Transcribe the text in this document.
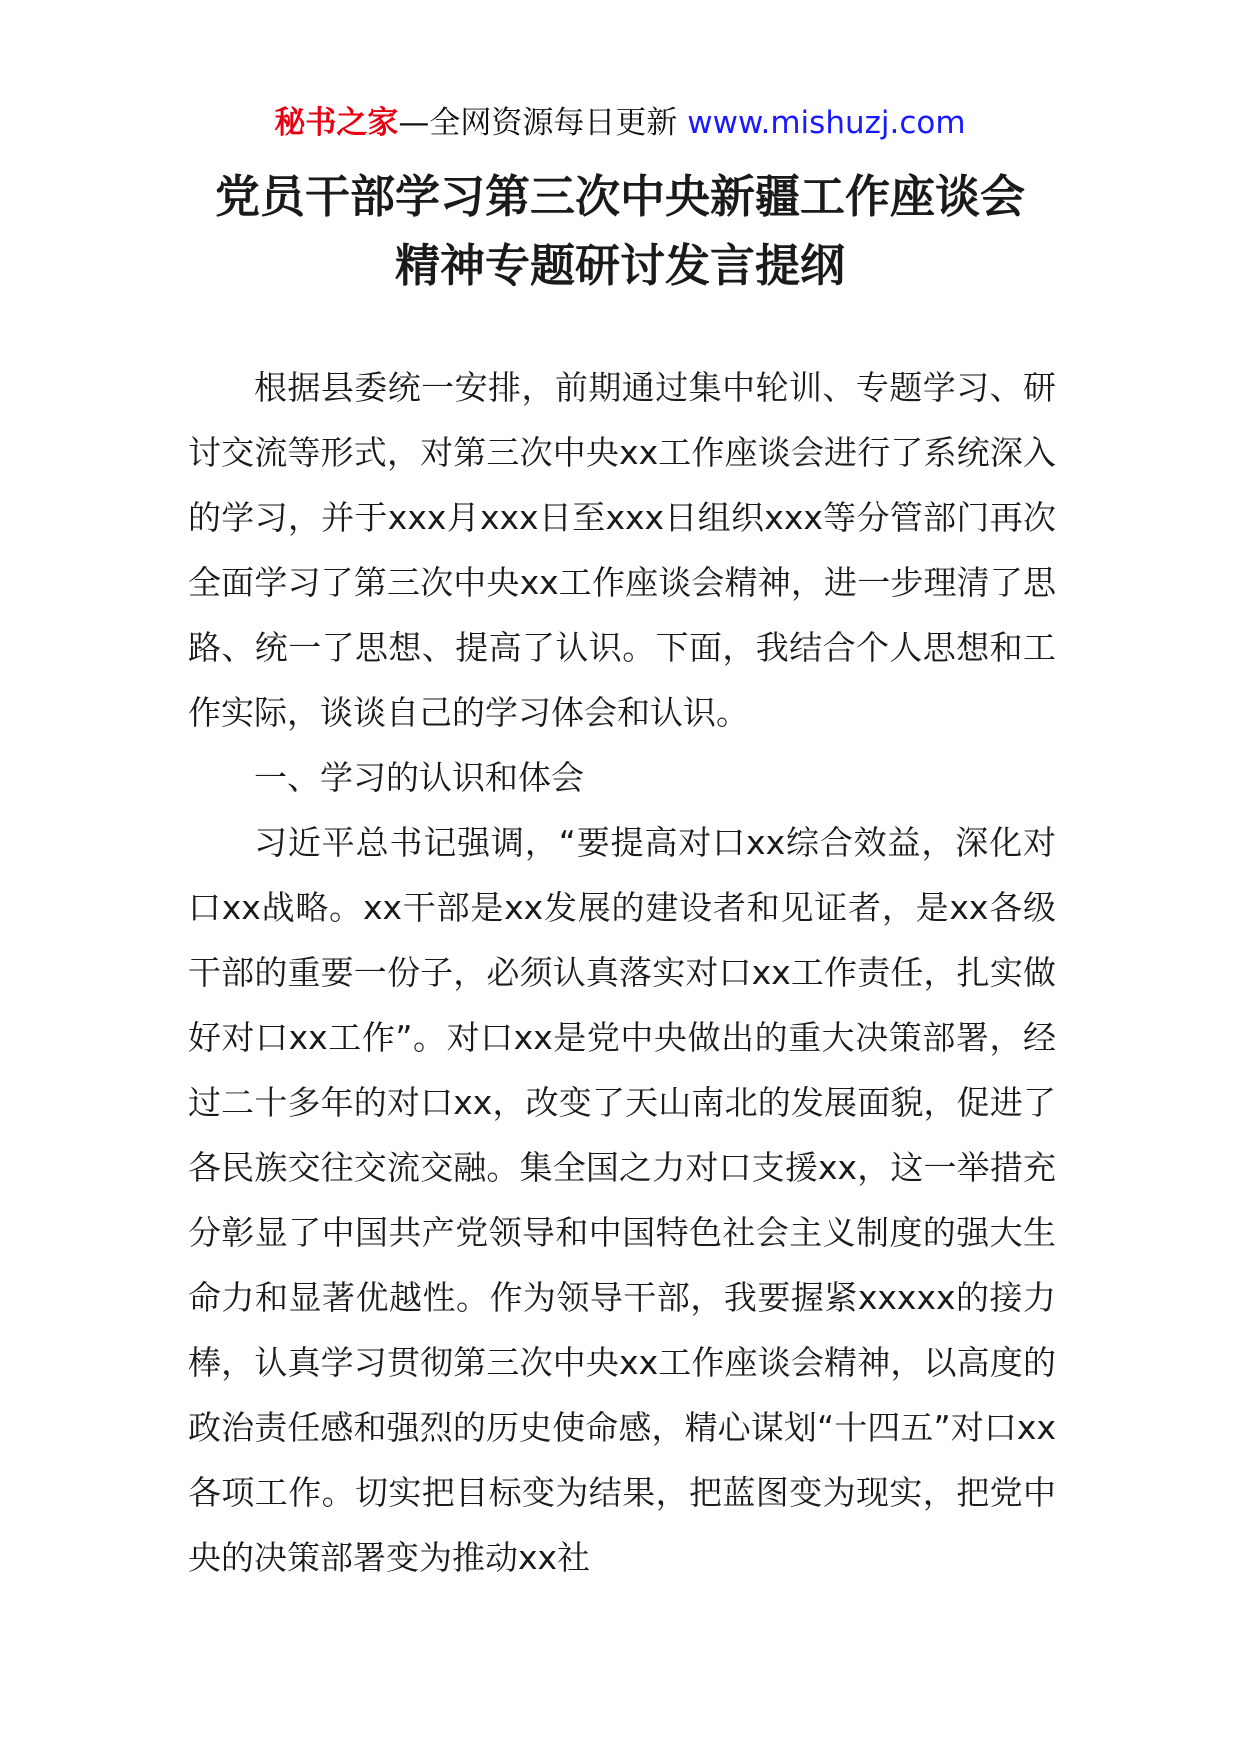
秘书之家—全网资源每日更新 www.mishuzj.com
党员干部学习第三次中央新疆工作座谈会
精神专题研讨发言提纲

根据县委统一安排，前期通过集中轮训、专题学习、研讨交流等形式，对第三次中央xx工作座谈会进行了系统深入的学习，并于xxx月xxx日至xxx日组织xxx等分管部门再次全面学习了第三次中央xx工作座谈会精神，进一步理清了思路、统一了思想、提高了认识。下面，我结合个人思想和工作实际，谈谈自己的学习体会和认识。

一、学习的认识和体会

习近平总书记强调，“要提高对口xx综合效益，深化对口xx战略。xx干部是xx发展的建设者和见证者，是xx各级干部的重要一份子，必须认真落实对口xx工作责任，扎实做好对口xx工作”。对口xx是党中央做出的重大决策部署，经过二十多年的对口xx，改变了天山南北的发展面貌，促进了各民族交往交流交融。集全国之力对口支援xx，这一举措充分彰显了中国共产党领导和中国特色社会主义制度的强大生命力和显著优越性。作为领导干部，我要握紧xxxxx的接力棒，认真学习贯彻第三次中央xx工作座谈会精神，以高度的政治责任感和强烈的历史使命感，精心谋划“十四五”对口xx各项工作。切实把目标变为结果，把蓝图变为现实，把党中央的决策部署变为推动xx社
